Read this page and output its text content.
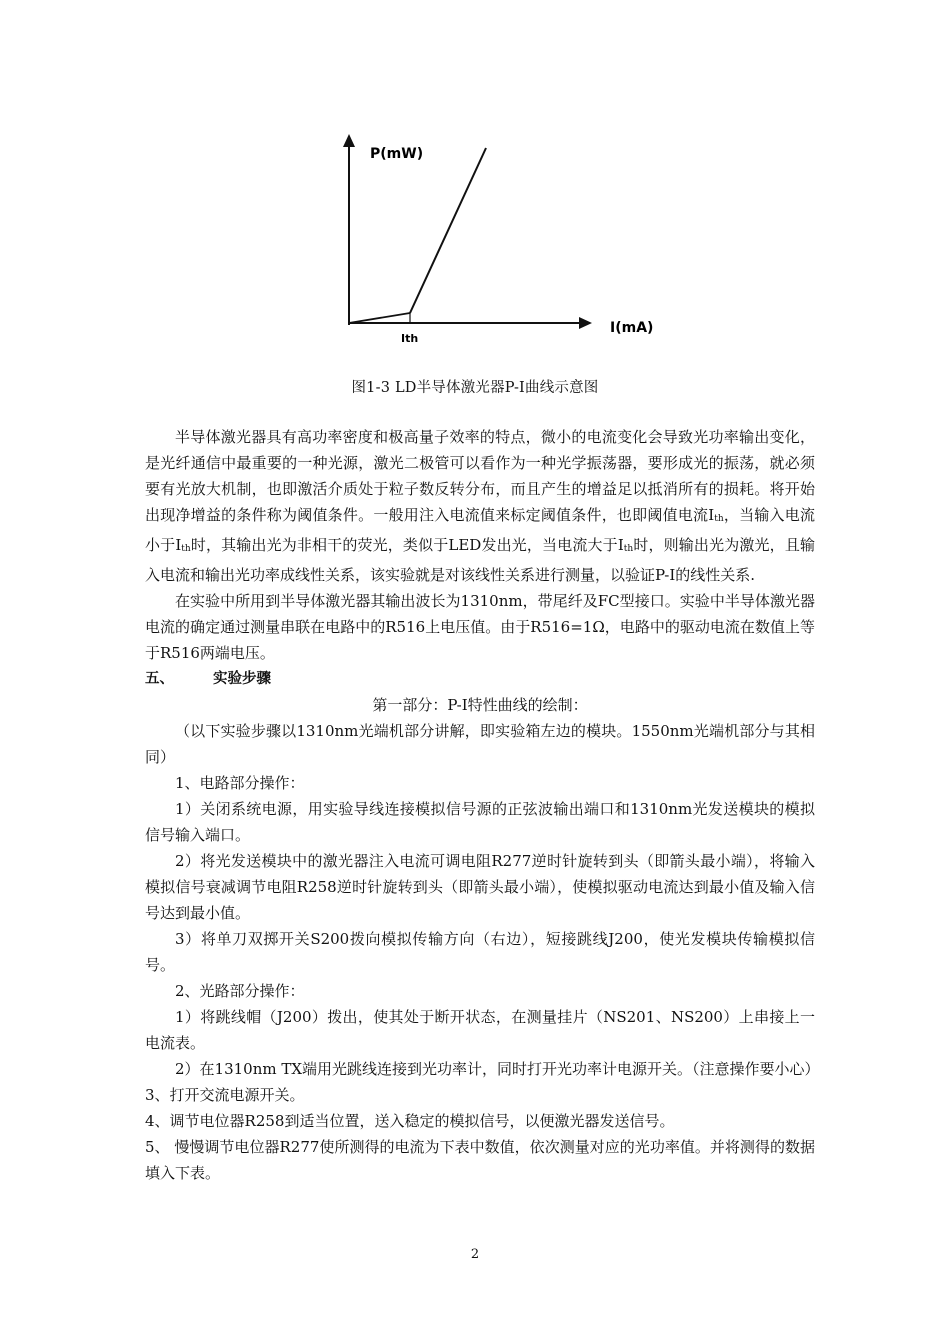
P(mW)
I(mA)
Ith
图1-3 LD半导体激光器P-I曲线示意图

半导体激光器具有高功率密度和极高量子效率的特点，微小的电流变化会导致光功率输出变化，是光纤通信中最重要的一种光源，激光二极管可以看作为一种光学振荡器，要形成光的振荡，就必须要有光放大机制，也即激活介质处于粒子数反转分布，而且产生的增益足以抵消所有的损耗。将开始出现净增益的条件称为阈值条件。一般用注入电流值来标定阈值条件，也即阈值电流Ith，当输入电流小于Ith时，其输出光为非相干的荧光，类似于LED发出光，当电流大于Ith时，则输出光为激光，且输入电流和输出光功率成线性关系，该实验就是对该线性关系进行测量，以验证P-I的线性关系.

在实验中所用到半导体激光器其输出波长为1310nm，带尾纤及FC型接口。实验中半导体激光器电流的确定通过测量串联在电路中的R516上电压值。由于R516=1Ω，电路中的驱动电流在数值上等于R516两端电压。

五、	实验步骤

第一部分：P-I特性曲线的绘制：

（以下实验步骤以1310nm光端机部分讲解，即实验箱左边的模块。1550nm光端机部分与其相同）

1、电路部分操作：

1）关闭系统电源，用实验导线连接模拟信号源的正弦波输出端口和1310nm光发送模块的模拟信号输入端口。

2）将光发送模块中的激光器注入电流可调电阻R277逆时针旋转到头（即箭头最小端），将输入模拟信号衰减调节电阻R258逆时针旋转到头（即箭头最小端），使模拟驱动电流达到最小值及输入信号达到最小值。

3）将单刀双掷开关S200拨向模拟传输方向（右边），短接跳线J200，使光发模块传输模拟信号。

2、光路部分操作：

1）将跳线帽（J200）拨出，使其处于断开状态，在测量挂片（NS201、NS200）上串接上一电流表。

2）在1310nm TX端用光跳线连接到光功率计，同时打开光功率计电源开关。（注意操作要小心）

3、打开交流电源开关。

4、调节电位器R258到适当位置，送入稳定的模拟信号，以便激光器发送信号。

5、 慢慢调节电位器R277使所测得的电流为下表中数值，依次测量对应的光功率值。并将测得的数据填入下表。

2
